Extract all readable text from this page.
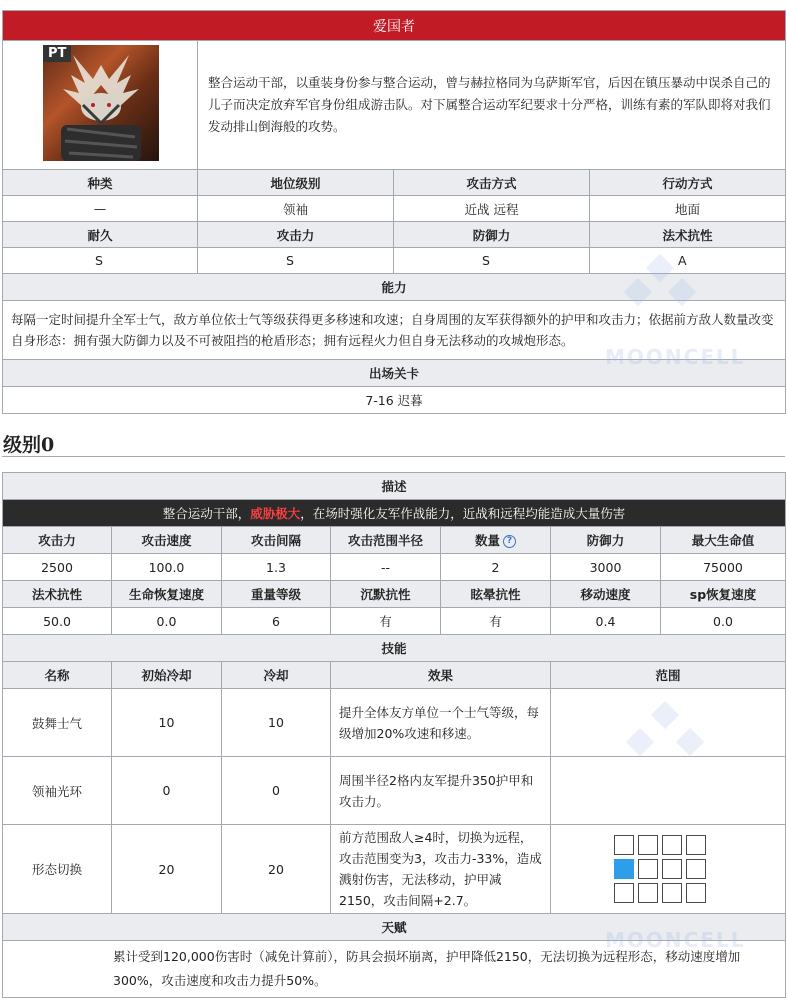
爱国者			

PT	整合运动干部，以重装身份参与整合运动，曾与赫拉格同为乌萨斯军官，后因在镇压暴动中误杀自己的儿子而决定放弃军官身份组成游击队。对下属整合运动军纪要求十分严格，训练有素的军队即将对我们发动排山倒海般的攻势。		
种类	地位级别	攻击方式	行动方式
—	领袖	近战 远程	地面
耐久	攻击力	防御力	法术抗性
S	S	S	A
能力			
每隔一定时间提升全军士气，敌方单位依士气等级获得更多移速和攻速；自身周围的友军获得额外的护甲和攻击力；依据前方敌人数量改变自身形态：拥有强大防御力以及不可被阻挡的枪盾形态；拥有远程火力但自身无法移动的攻城炮形态。			
出场关卡			
7-16 迟暮			
级别0
描述						
整合运动干部，威胁极大，在场时强化友军作战能力，近战和远程均能造成大量伤害						
攻击力	攻击速度	攻击间隔	攻击范围半径	数量 ?	防御力	最大生命值
2500	100.0	1.3	--	2	3000	75000
法术抗性	生命恢复速度	重量等级	沉默抗性	眩晕抗性	移动速度	sp恢复速度
50.0	0.0	6	有	有	0.4	0.0
技能						
名称	初始冷却	冷却	效果		范围	
鼓舞士气	10	10	提升全体友方单位一个士气等级，每级增加20%攻速和移速。			
领袖光环	0	0	周围半径2格内友军提升350护甲和攻击力。			
形态切换	20	20	前方范围敌人≥4时，切换为远程，攻击范围变为3，攻击力-33%，造成溅射伤害，无法移动，护甲减2150，攻击间隔+2.7。			

天赋						
累计受到120,000伤害时（减免计算前），防具会损坏崩离，护甲降低2150，无法切换为远程形态，移动速度增加300%，攻击速度和攻击力提升50%。						
MOONCELL
MOONCELL
